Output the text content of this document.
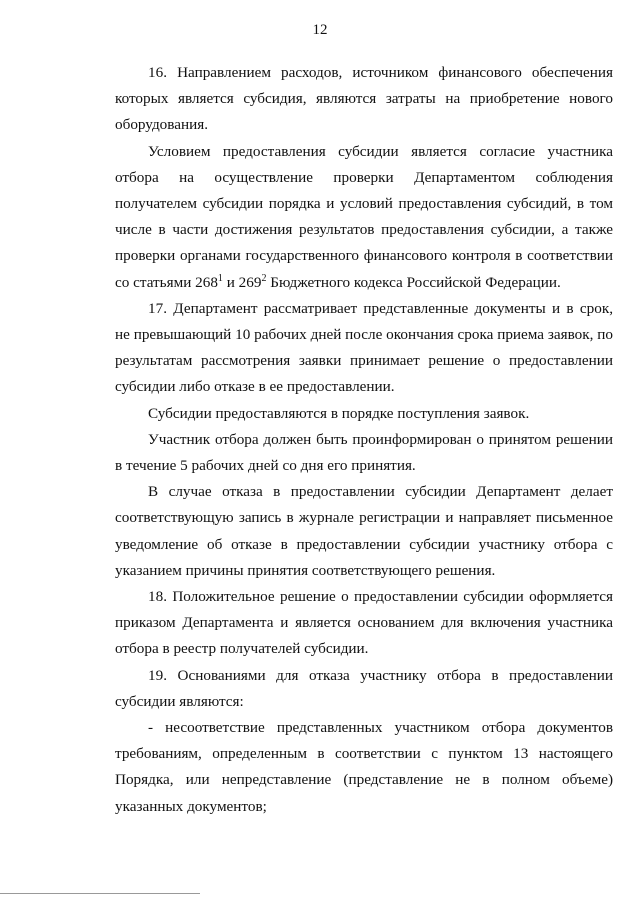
12

16. Направлением расходов, источником финансового обеспечения которых является субсидия, являются затраты на приобретение нового оборудования.

Условием предоставления субсидии является согласие участника отбора на осуществление проверки Департаментом соблюдения получателем субсидии порядка и условий предоставления субсидий, в том числе в части достижения результатов предоставления субсидии, а также проверки органами государственного финансового контроля в соответствии со статьями $268^1$ и $269^2$ Бюджетного кодекса Российской Федерации.

17. Департамент рассматривает представленные документы и в срок, не превышающий 10 рабочих дней после окончания срока приема заявок, по результатам рассмотрения заявки принимает решение о предоставлении субсидии либо отказе в ее предоставлении.

Субсидии предоставляются в порядке поступления заявок.

Участник отбора должен быть проинформирован о принятом решении в течение 5 рабочих дней со дня его принятия.

В случае отказа в предоставлении субсидии Департамент делает соответствующую запись в журнале регистрации и направляет письменное уведомление об отказе в предоставлении субсидии участнику отбора с указанием причины принятия соответствующего решения.

18. Положительное решение о предоставлении субсидии оформляется приказом Департамента и является основанием для включения участника отбора в реестр получателей субсидии.

19. Основаниями для отказа участнику отбора в предоставлении субсидии являются:

- несоответствие представленных участником отбора документов требованиям, определенным в соответствии с пунктом 13 настоящего Порядка, или непредставление (представление не в полном объеме) указанных документов;
